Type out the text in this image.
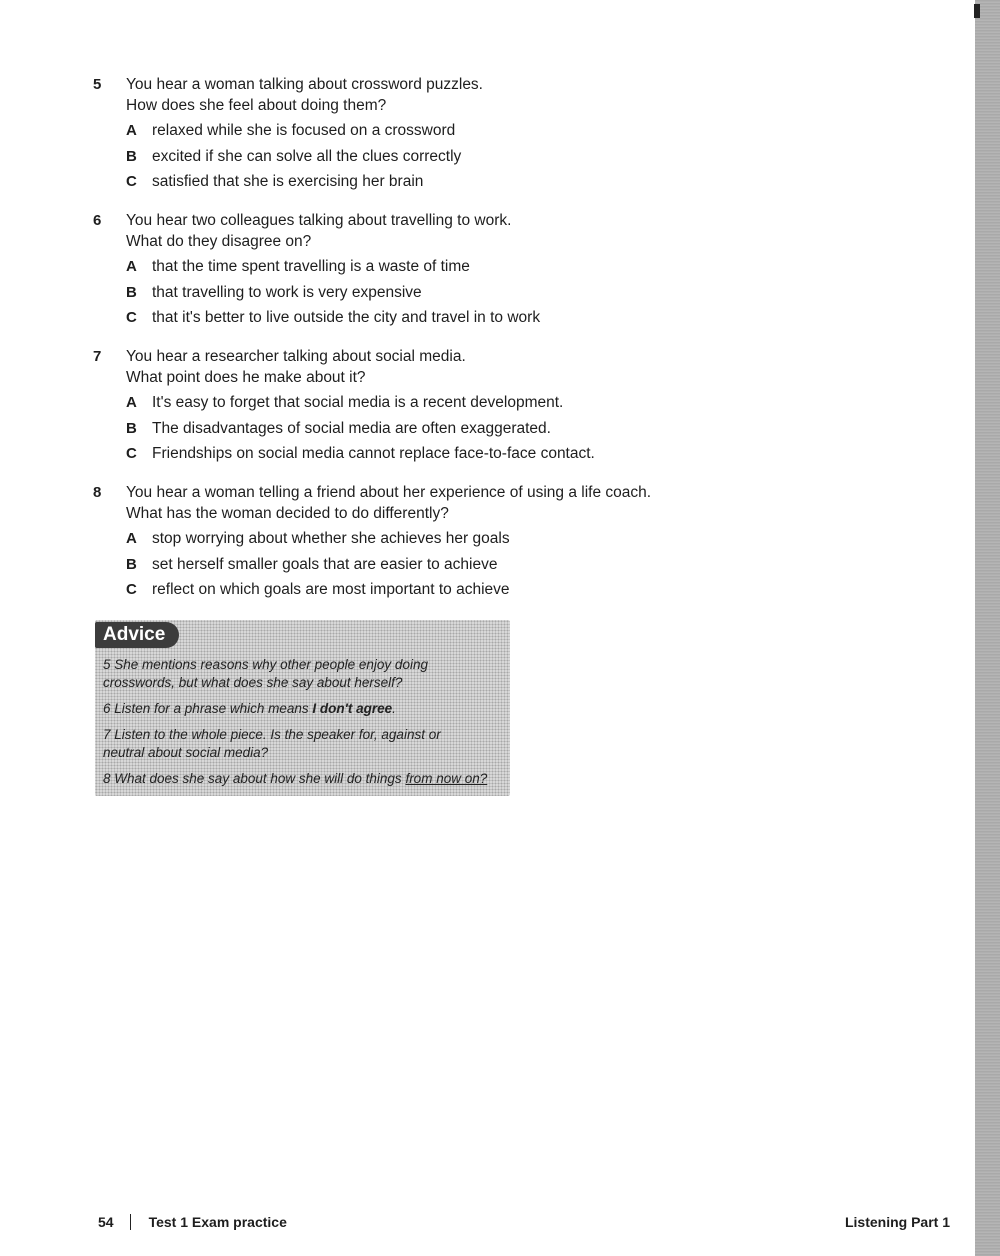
5 You hear a woman talking about crossword puzzles.
How does she feel about doing them?
A relaxed while she is focused on a crossword
B excited if she can solve all the clues correctly
C satisfied that she is exercising her brain
6 You hear two colleagues talking about travelling to work.
What do they disagree on?
A that the time spent travelling is a waste of time
B that travelling to work is very expensive
C that it's better to live outside the city and travel in to work
7 You hear a researcher talking about social media.
What point does he make about it?
A It's easy to forget that social media is a recent development.
B The disadvantages of social media are often exaggerated.
C Friendships on social media cannot replace face-to-face contact.
8 You hear a woman telling a friend about her experience of using a life coach.
What has the woman decided to do differently?
A stop worrying about whether she achieves her goals
B set herself smaller goals that are easier to achieve
C reflect on which goals are most important to achieve
Advice
5 She mentions reasons why other people enjoy doing
crosswords, but what does she say about herself?
6 Listen for a phrase which means I don't agree.
7 Listen to the whole piece. Is the speaker for, against or
neutral about social media?
8 What does she say about how she will do things from now on?
54	Test 1 Exam practice	Listening Part 1
